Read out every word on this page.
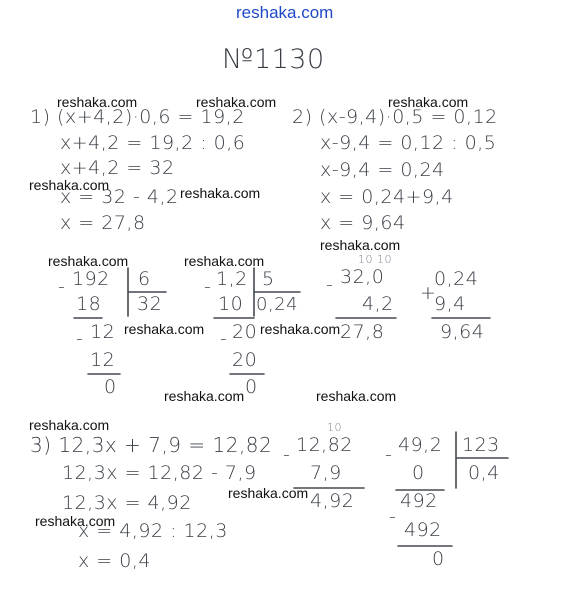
reshaka.com
№1130
reshaka.com	reshaka.com	reshaka.com
reshaka.com	reshaka.com
reshaka.com
reshaka.com	reshaka.com
reshaka.com	reshaka.com
reshaka.com	reshaka.com
reshaka.com
reshaka.com
reshaka.com
1) (x+4,2)·0,6 = 19,2
x+4,2 = 19,2 : 0,6
x+4,2 = 32
x = 32 - 4,2
x = 27,8
2) (x-9,4)·0,5 = 0,12
x-9,4 = 0,12 : 0,5
x-9,4 = 0,24
x = 0,24+9,4
x = 9,64
- 192 6
32
18
- 12
12
0
- 1,2 5
0,24
10
- 20
20
0
10 10
- 32,0
4,2
27,8
+
0,24
9,4
9,64
3) 12,3x + 7,9 = 12,82
12,3x = 12,82 - 7,9
12,3x = 4,92
x = 4,92 : 12,3
x = 0,4
10
- 12,82
7,9
4,92
- 49,2 123
0,4
0
492
-
492
0
